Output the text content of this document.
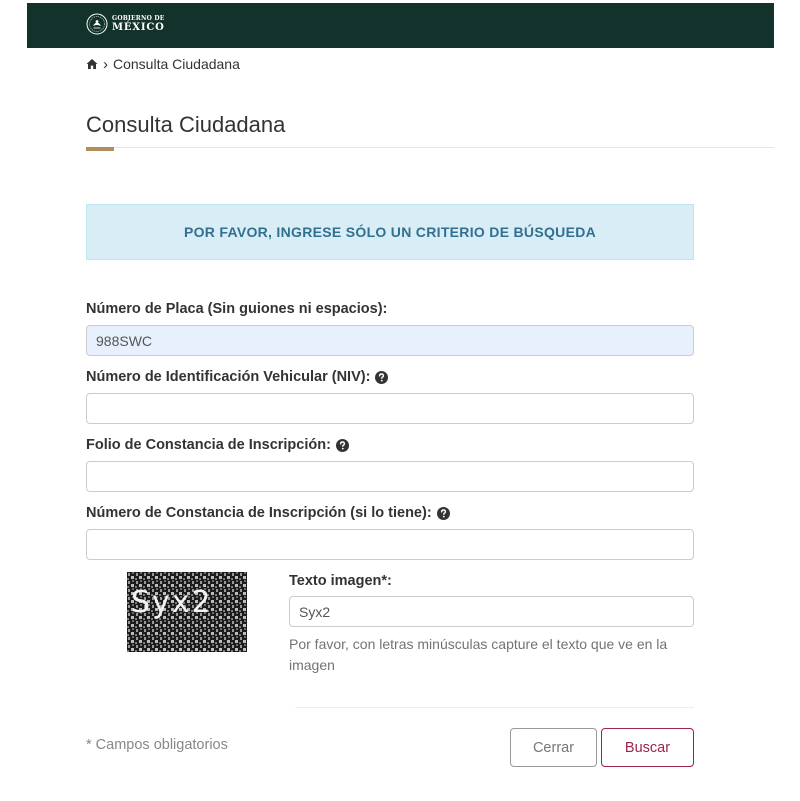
GOBIERNO DE
MÉXICO
› Consulta Ciudadana
Consulta Ciudadana
POR FAVOR, INGRESE SÓLO UN CRITERIO DE BÚSQUEDA
Número de Placa (Sin guiones ni espacios):
988SWC
Número de Identificación Vehicular (NIV):
Folio de Constancia de Inscripción:
Número de Constancia de Inscripción (si lo tiene):
Syx2
Texto imagen*:
Syx2

Por favor, con letras minúsculas capture el texto que ve en la imagen

* Campos obligatorios	Cerrar	Buscar
